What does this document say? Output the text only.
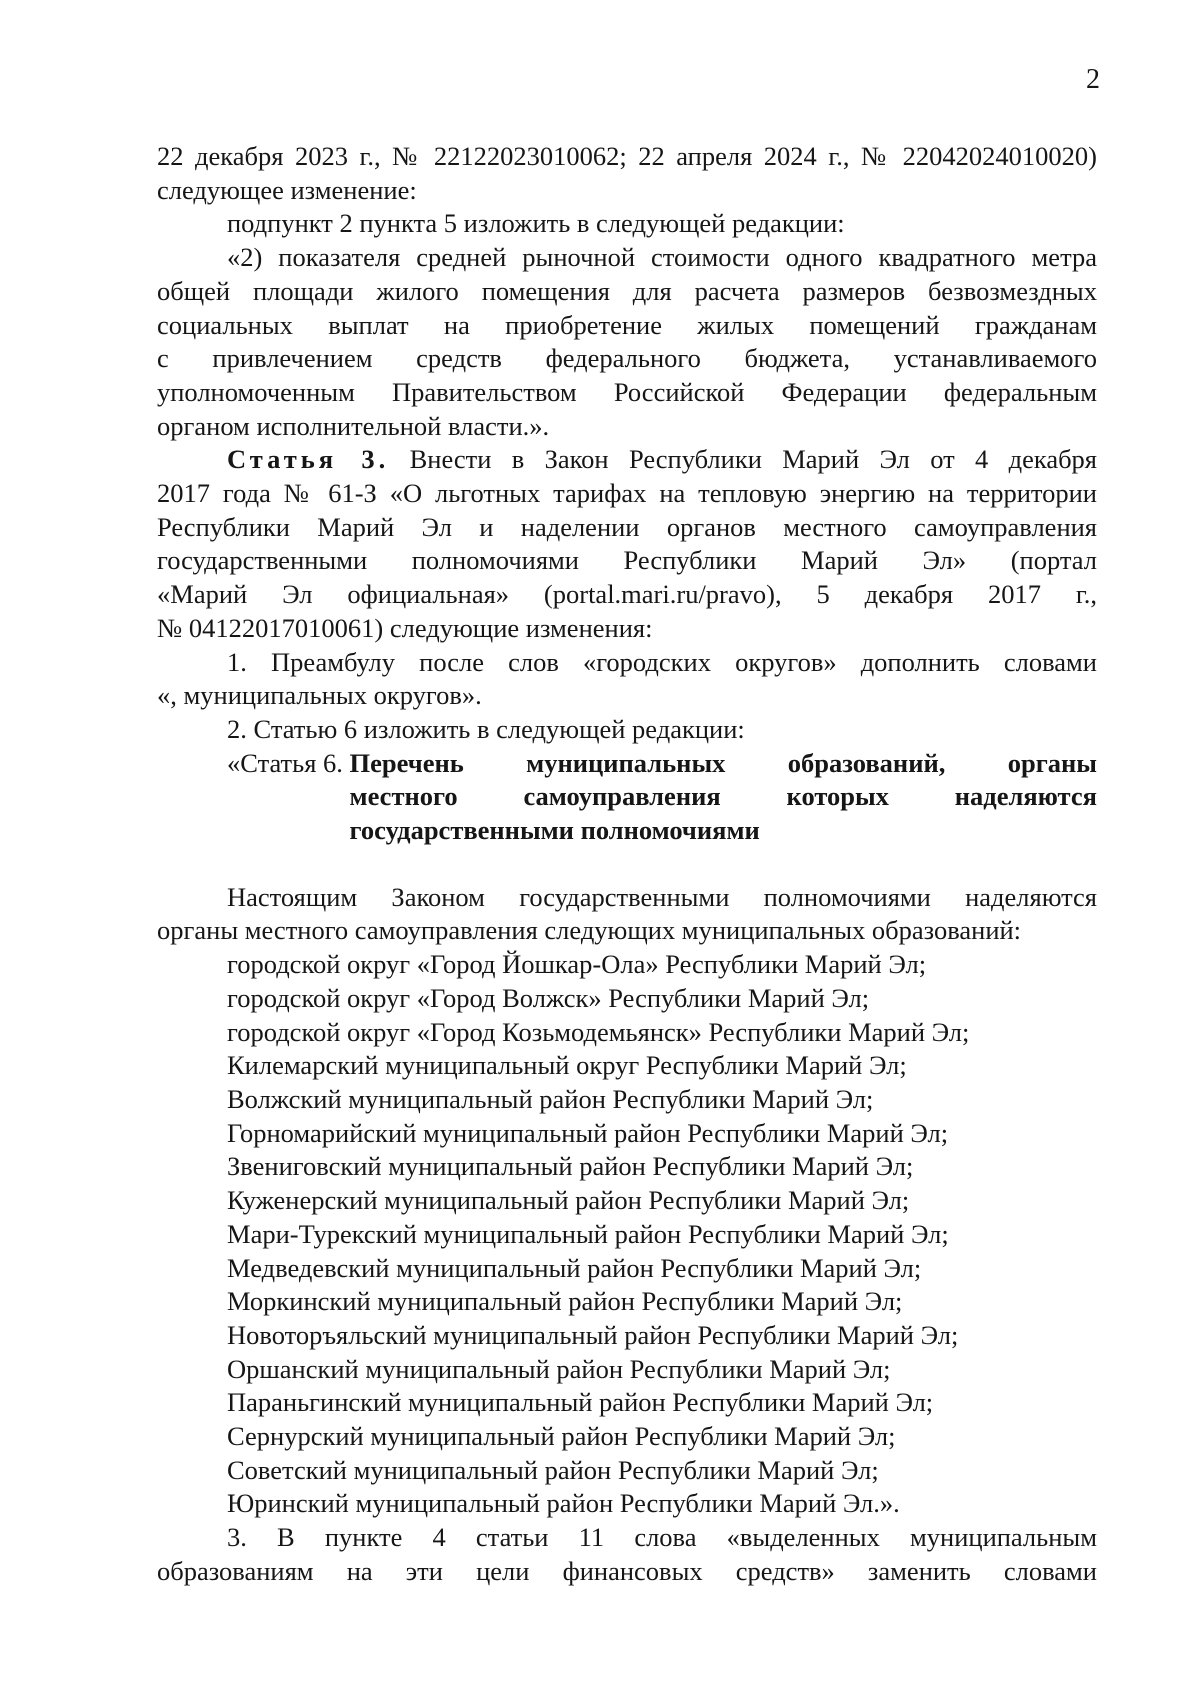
2

22 декабря 2023 г., № 22122023010062; 22 апреля 2024 г., № 22042024010020)

следующее изменение:

подпункт 2 пункта 5 изложить в следующей редакции:

«2) показателя средней рыночной стоимости одного квадратного метра

общей площади жилого помещения для расчета размеров безвозмездных

социальных выплат на приобретение жилых помещений гражданам

с привлечением средств федерального бюджета, устанавливаемого

уполномоченным Правительством Российской Федерации федеральным

органом исполнительной власти.».

Статья 3. Внести в Закон Республики Марий Эл от 4 декабря

2017 года № 61-З «О льготных тарифах на тепловую энергию на территории

Республики Марий Эл и наделении органов местного самоуправления

государственными полномочиями Республики Марий Эл» (портал

«Марий Эл официальная» (portal.mari.ru/pravo), 5 декабря 2017 г.,

№ 04122017010061) следующие изменения:

1. Преамбулу после слов «городских округов» дополнить словами

«, муниципальных округов».

2. Статью 6 изложить в следующей редакции:

«Статья 6. Перечень муниципальных образований, органы
местного самоуправления которых наделяются
государственными полномочиями

Настоящим Законом государственными полномочиями наделяются

органы местного самоуправления следующих муниципальных образований:

городской округ «Город Йошкар-Ола» Республики Марий Эл;

городской округ «Город Волжск» Республики Марий Эл;

городской округ «Город Козьмодемьянск» Республики Марий Эл;

Килемарский муниципальный округ Республики Марий Эл;

Волжский муниципальный район Республики Марий Эл;

Горномарийский муниципальный район Республики Марий Эл;

Звениговский муниципальный район Республики Марий Эл;

Куженерский муниципальный район Республики Марий Эл;

Мари-Турекский муниципальный район Республики Марий Эл;

Медведевский муниципальный район Республики Марий Эл;

Моркинский муниципальный район Республики Марий Эл;

Новоторъяльский муниципальный район Республики Марий Эл;

Оршанский муниципальный район Республики Марий Эл;

Параньгинский муниципальный район Республики Марий Эл;

Сернурский муниципальный район Республики Марий Эл;

Советский муниципальный район Республики Марий Эл;

Юринский муниципальный район Республики Марий Эл.».

3. В пункте 4 статьи 11 слова «выделенных муниципальным

образованиям на эти цели финансовых средств» заменить словами
